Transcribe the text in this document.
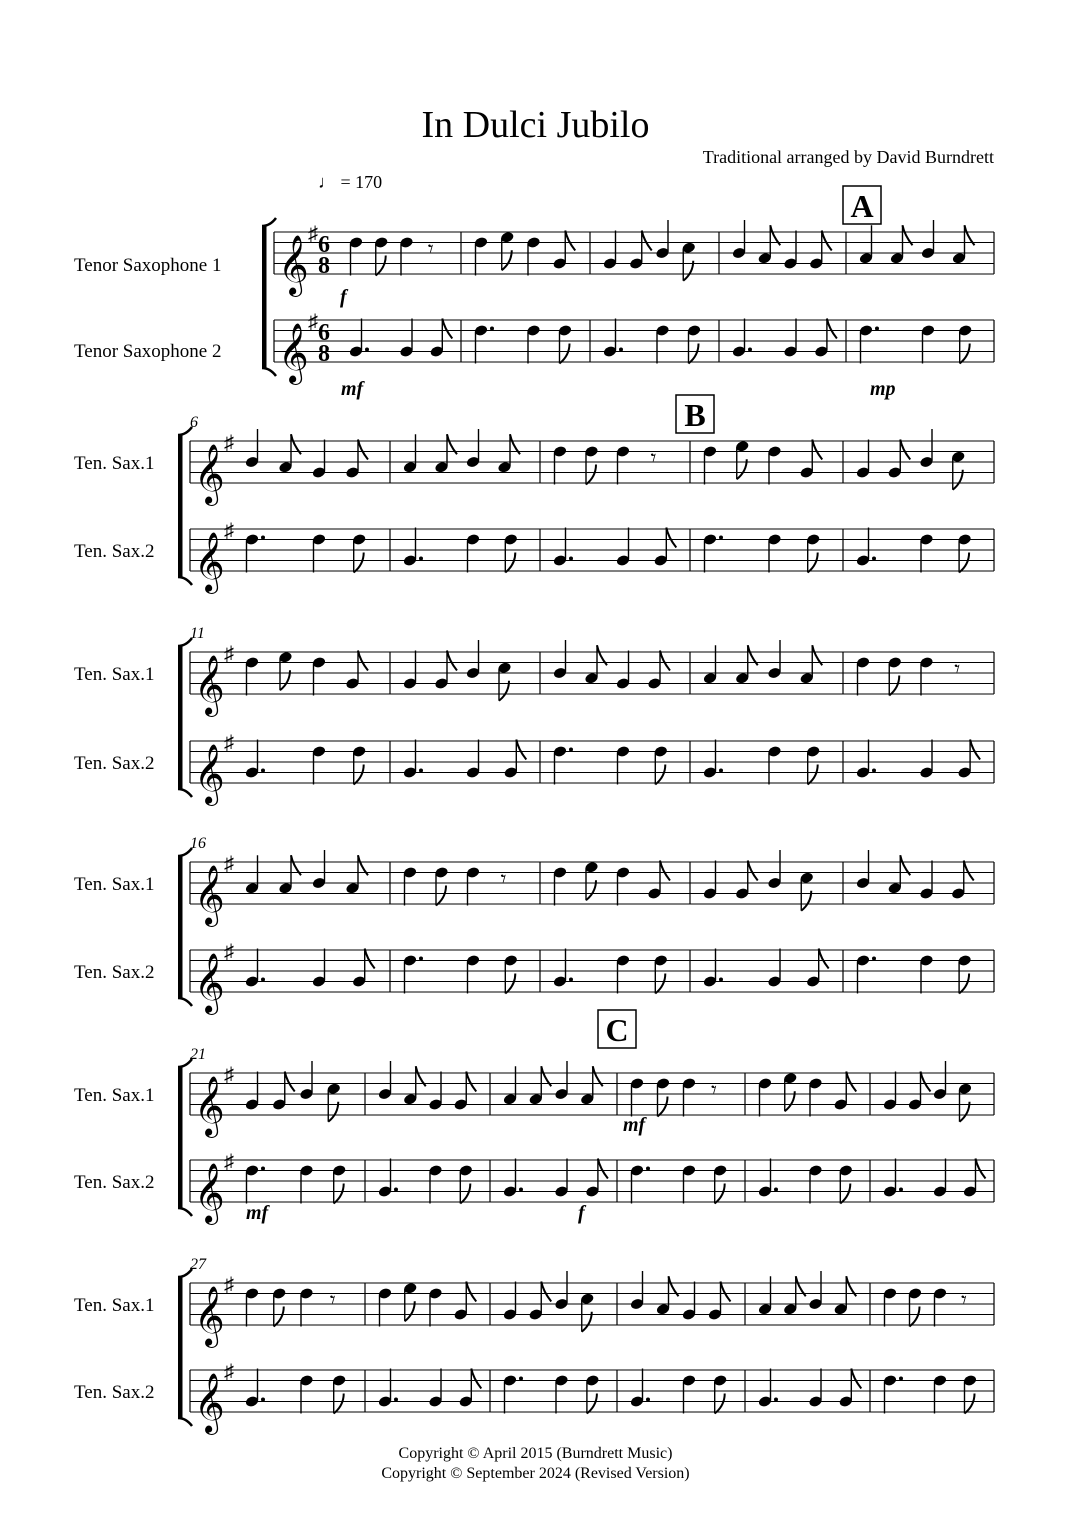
In Dulci Jubilo
Traditional arranged by David Burndrett
♩ = 170
𝄞
♯
𝄞
♯
6
8
6
8
𝄾
𝄞
♯
𝄞
♯
𝄾
𝄞
♯
𝄞
♯
𝄾
𝄞
♯
𝄞
♯
𝄾
𝄞
♯
𝄞
♯
𝄾
𝄞
♯
𝄞
♯
𝄾	𝄾
Tenor Saxophone 1
Tenor Saxophone 2
Ten. Sax.1
Ten. Sax.2
Ten. Sax.1
Ten. Sax.2
Ten. Sax.1
Ten. Sax.2
Ten. Sax.1
Ten. Sax.2
Ten. Sax.1
Ten. Sax.2
6
11
16
21
27
A
B
C
f
mf	mp
mf
mf
f
Copyright © April 2015 (Burndrett Music)
Copyright © September 2024 (Revised Version)
